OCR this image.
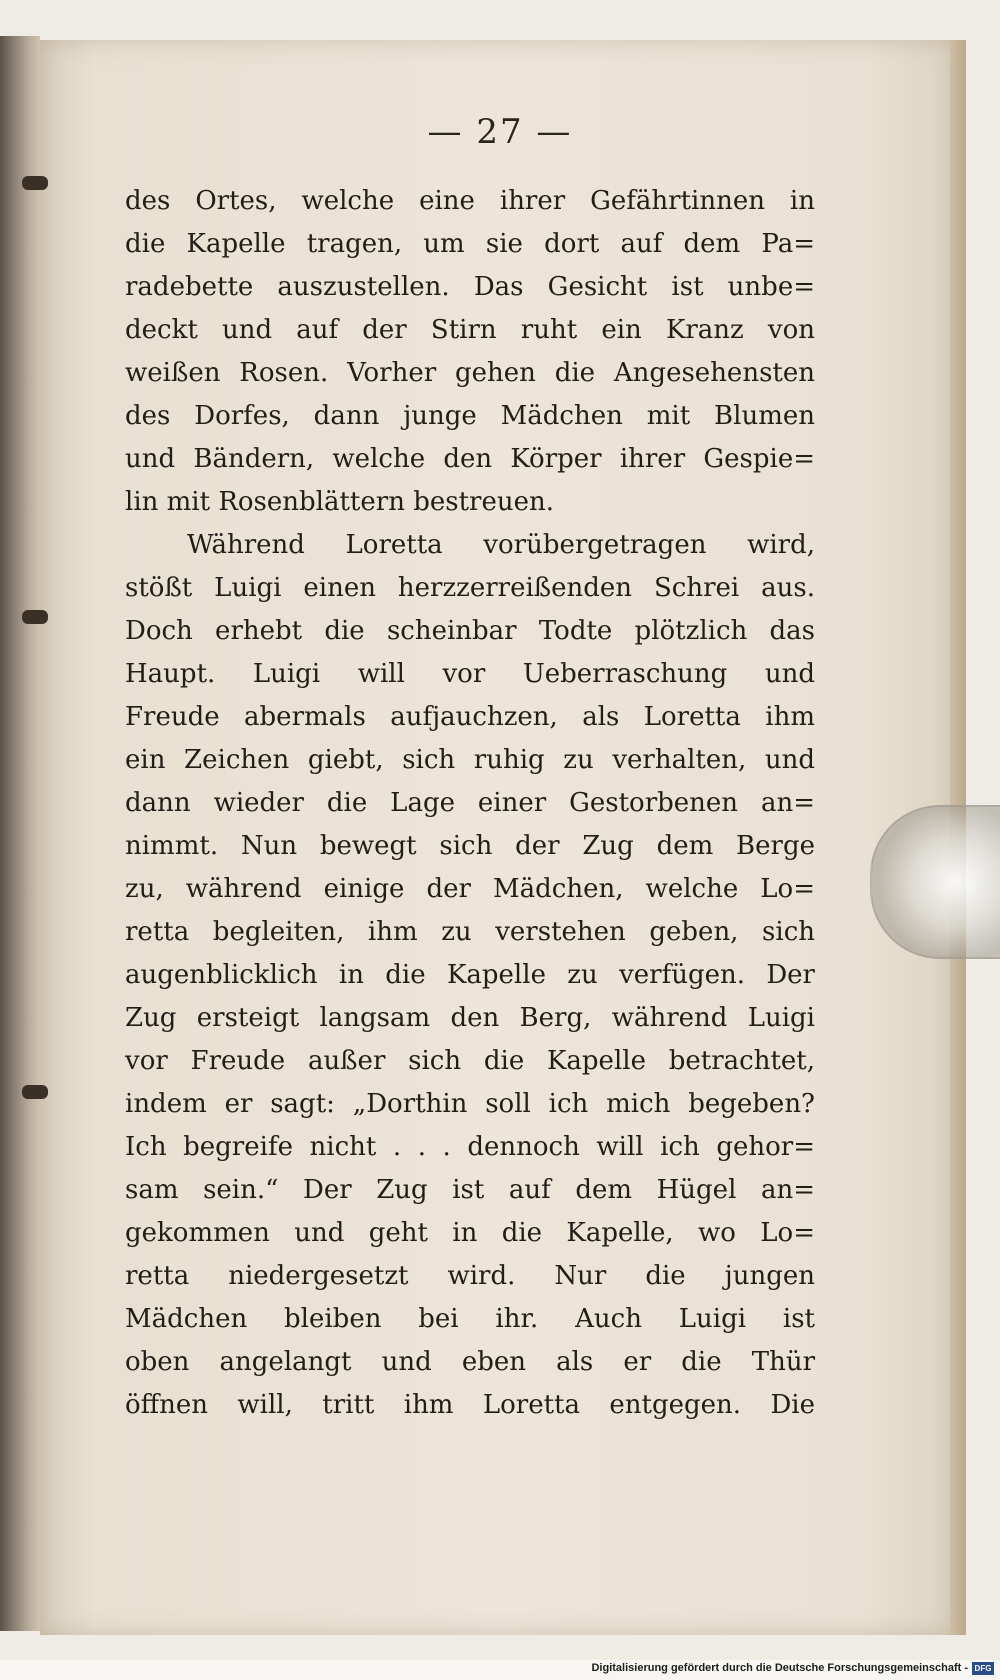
— 27 —
des Ortes, welche eine ihrer Gefährtinnen in
die Kapelle tragen, um sie dort auf dem Pa=
radebette auszustellen. Das Gesicht ist unbe=
deckt und auf der Stirn ruht ein Kranz von
weißen Rosen. Vorher gehen die Angesehensten
des Dorfes, dann junge Mädchen mit Blumen
und Bändern, welche den Körper ihrer Gespie=
lin mit Rosenblättern bestreuen.
Während Loretta vorübergetragen wird,
stößt Luigi einen herzzerreißenden Schrei aus.
Doch erhebt die scheinbar Todte plötzlich das
Haupt. Luigi will vor Ueberraschung und
Freude abermals aufjauchzen, als Loretta ihm
ein Zeichen giebt, sich ruhig zu verhalten, und
dann wieder die Lage einer Gestorbenen an=
nimmt. Nun bewegt sich der Zug dem Berge
zu, während einige der Mädchen, welche Lo=
retta begleiten, ihm zu verstehen geben, sich
augenblicklich in die Kapelle zu verfügen. Der
Zug ersteigt langsam den Berg, während Luigi
vor Freude außer sich die Kapelle betrachtet,
indem er sagt: „Dorthin soll ich mich begeben?
Ich begreife nicht . . . dennoch will ich gehor=
sam sein.“ Der Zug ist auf dem Hügel an=
gekommen und geht in die Kapelle, wo Lo=
retta niedergesetzt wird. Nur die jungen
Mädchen bleiben bei ihr. Auch Luigi ist
oben angelangt und eben als er die Thür
öffnen will, tritt ihm Loretta entgegen. Die
Digitalisierung gefördert durch die Deutsche Forschungsgemeinschaft - DFG
